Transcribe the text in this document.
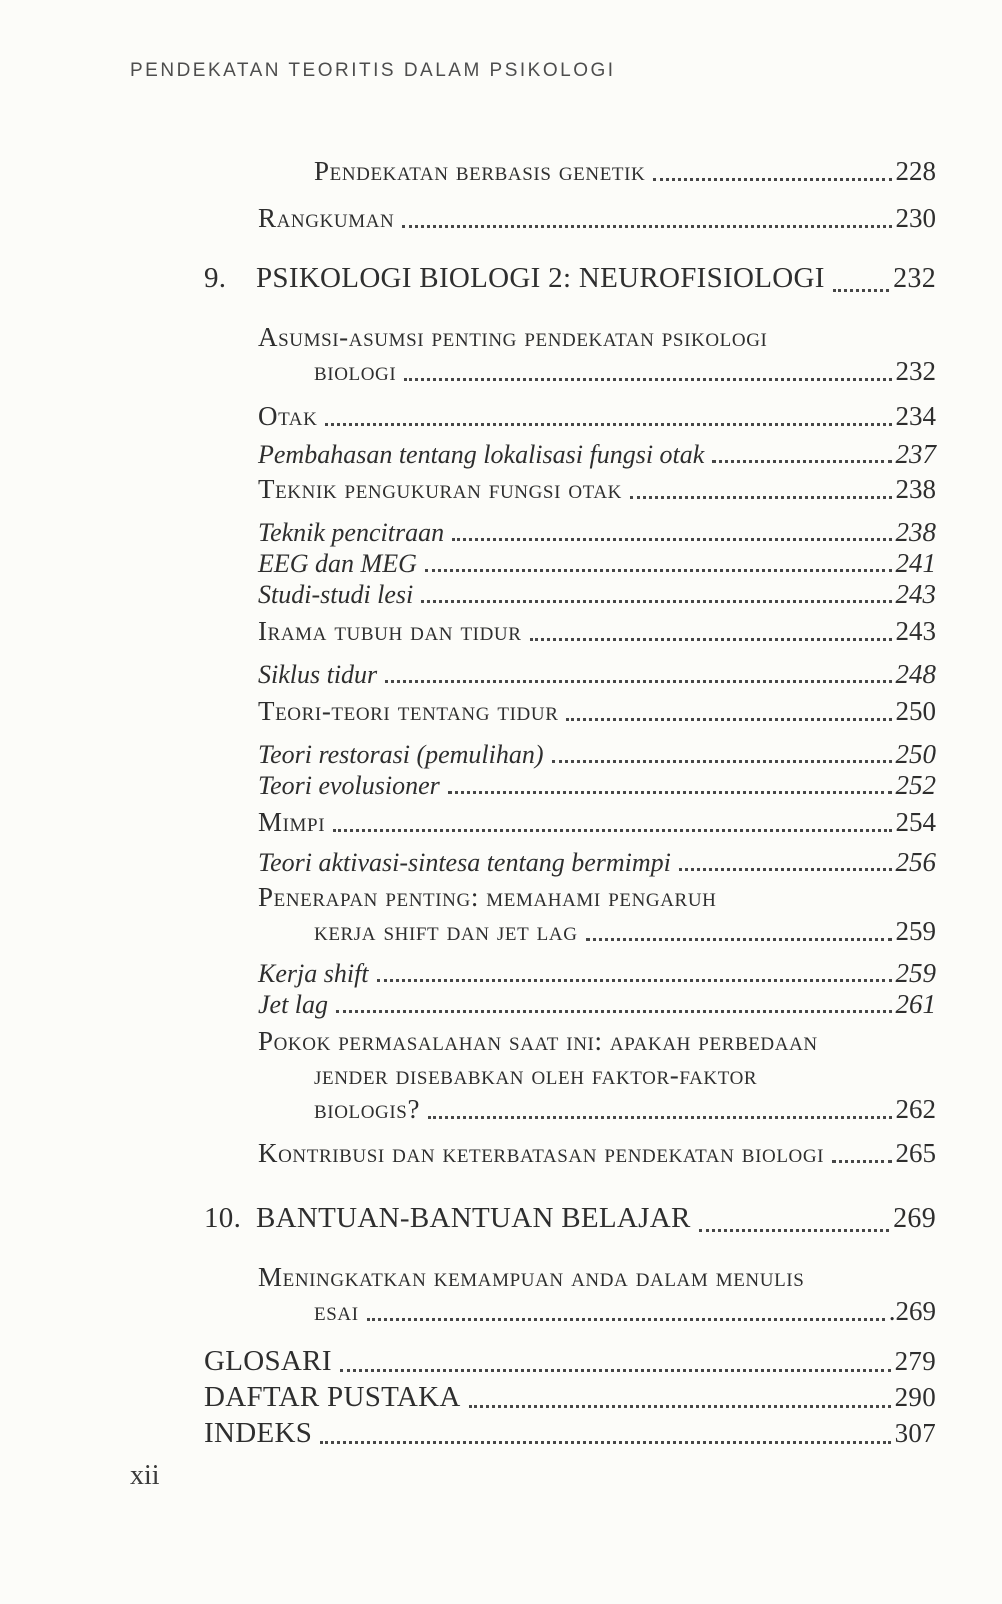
PENDEKATAN TEORITIS DALAM PSIKOLOGI
Pendekatan berbasis genetik	228
Rangkuman	230
9.	PSIKOLOGI BIOLOGI 2: NEUROFISIOLOGI 232
Asumsi-asumsi penting pendekatan psikologi
biologi	232
Otak	234
Pembahasan tentang lokalisasi fungsi otak	237
Teknik pengukuran fungsi otak	238
Teknik pencitraan	238
EEG dan MEG	241
Studi-studi lesi	243
Irama tubuh dan tidur	243
Siklus tidur	248
Teori-teori tentang tidur	250
Teori restorasi (pemulihan)	250
Teori evolusioner	252
Mimpi	254
Teori aktivasi-sintesa tentang bermimpi	256
Penerapan penting: memahami pengaruh
kerja shift dan jet lag	259
Kerja shift	259
Jet lag	261
Pokok permasalahan saat ini: apakah perbedaan
jender disebabkan oleh faktor-faktor
biologis?	262
Kontribusi dan keterbatasan pendekatan biologi	265
10. BANTUAN-BANTUAN BELAJAR	269
Meningkatkan kemampuan anda dalam menulis
esai	.269
GLOSARI	279
DAFTAR PUSTAKA	290
INDEKS	307
xii
